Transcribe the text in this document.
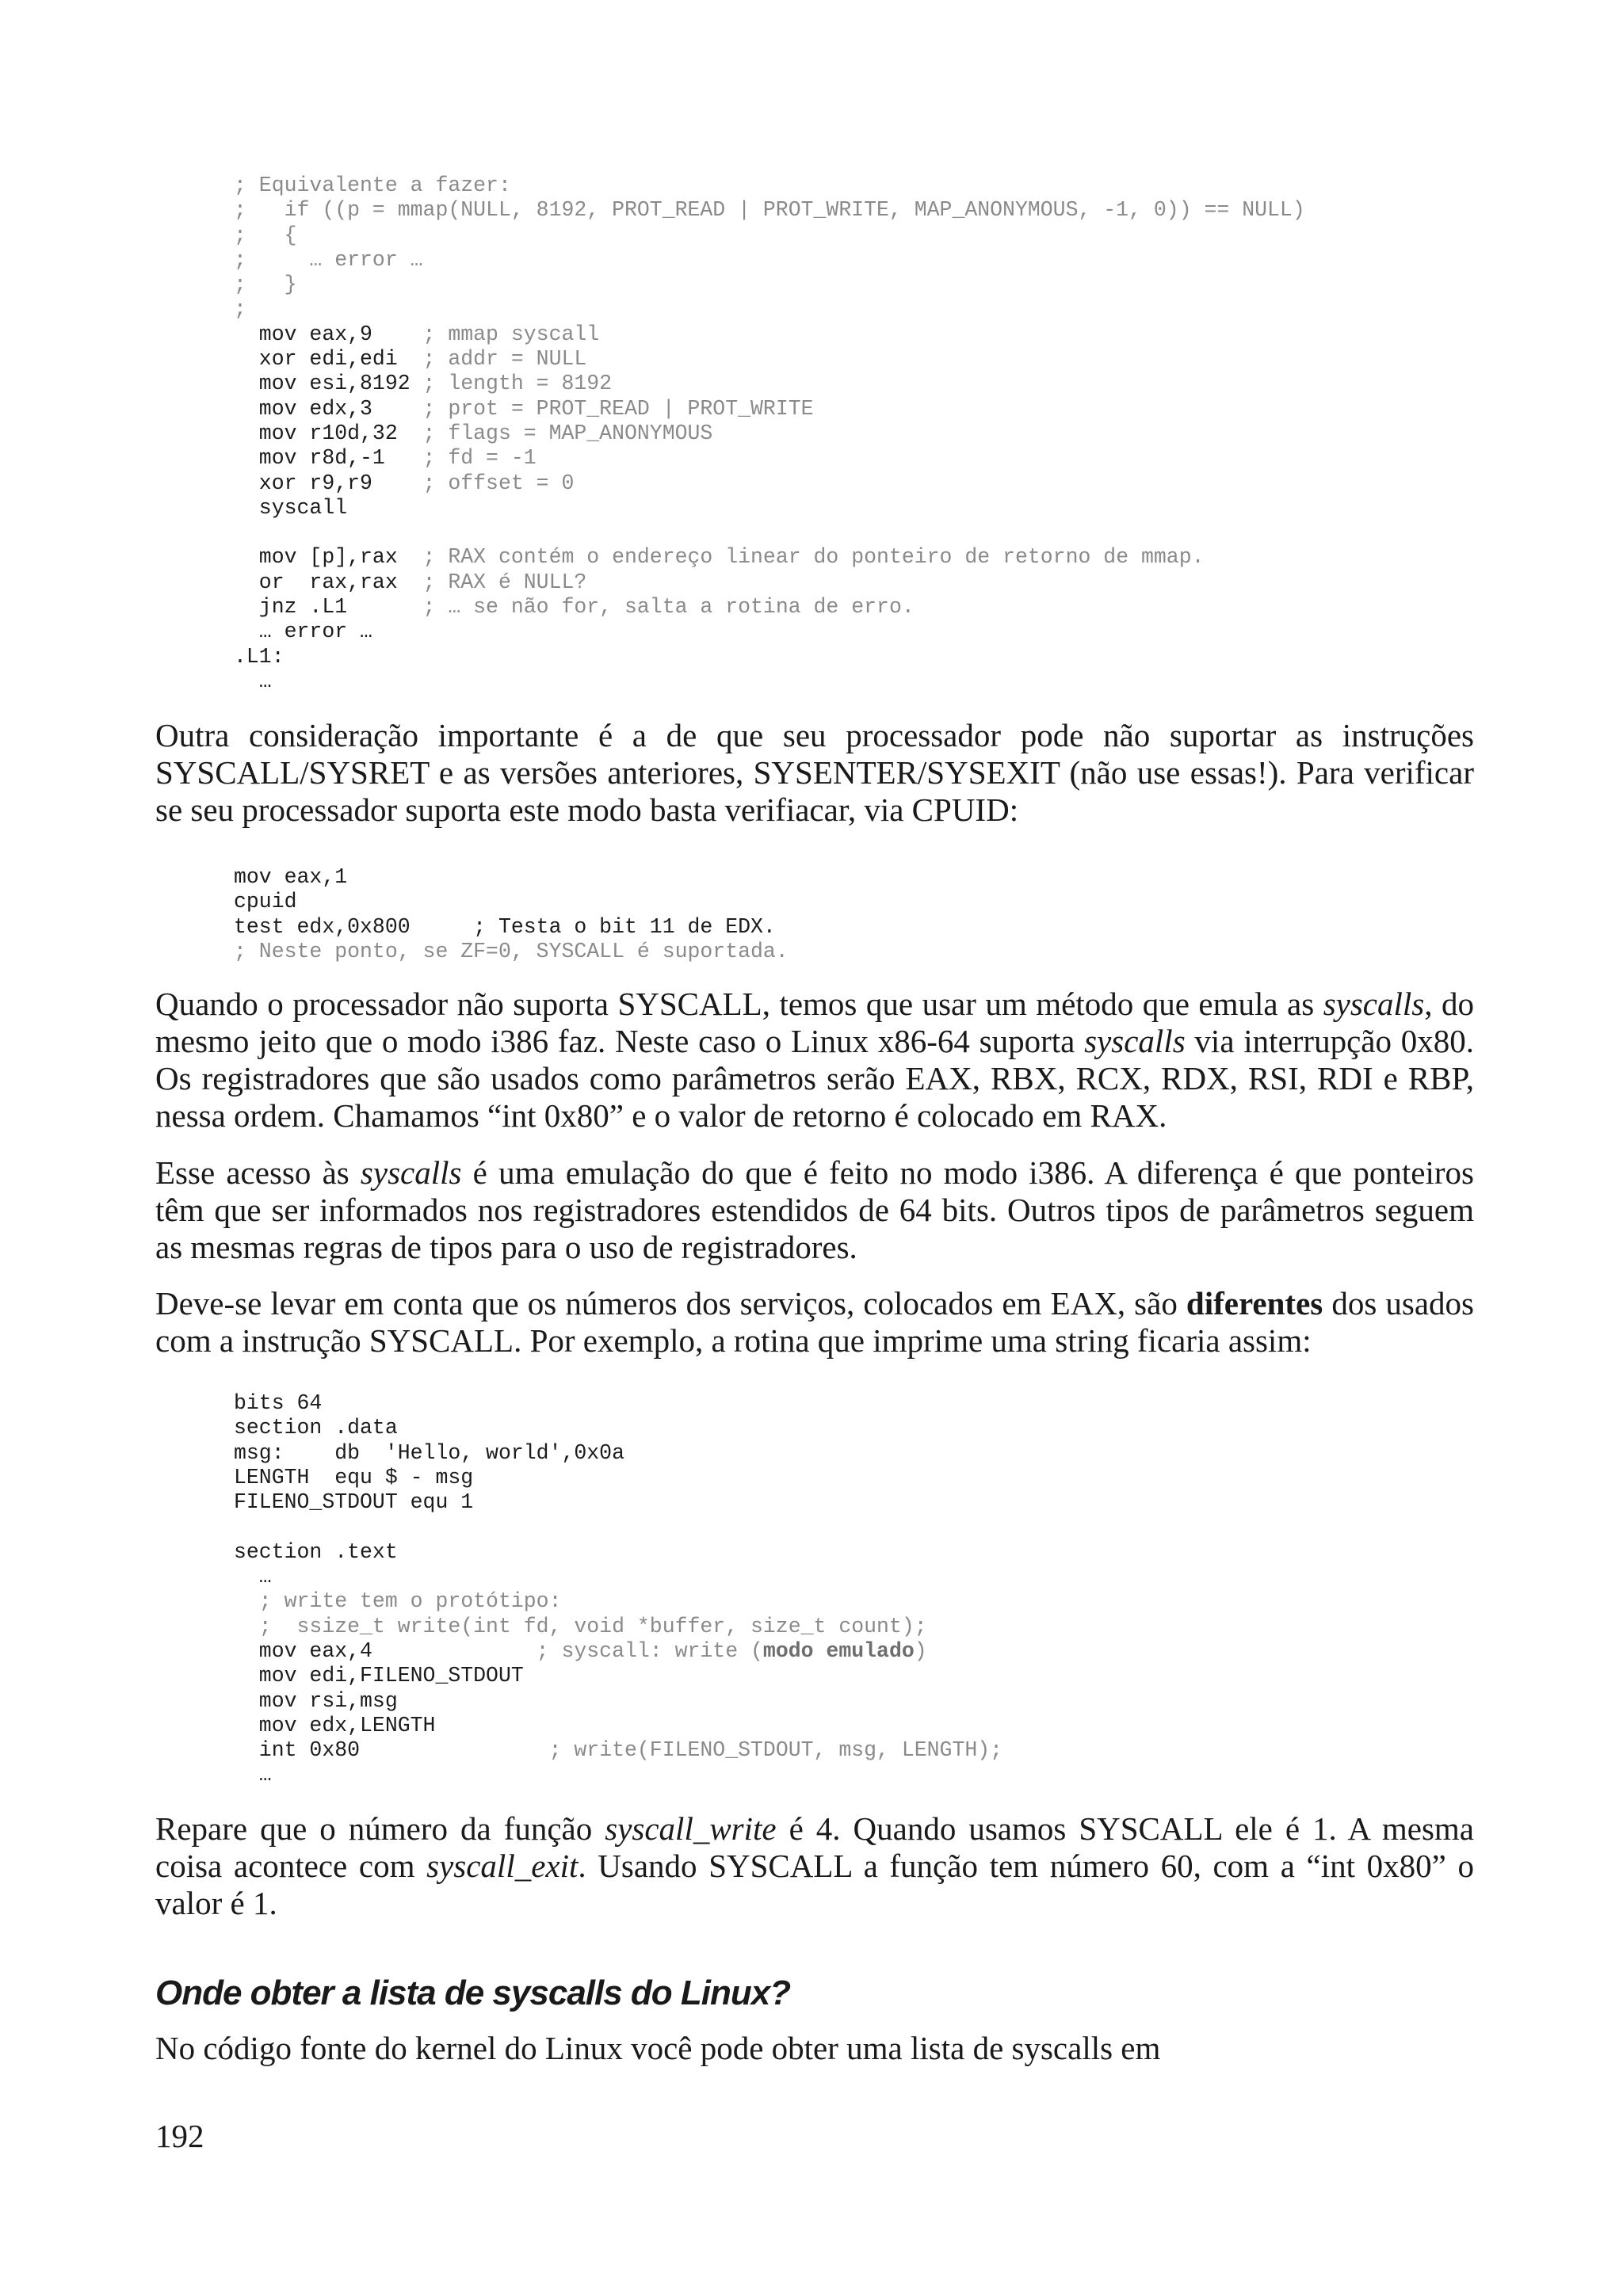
; Equivalente a fazer:
;   if ((p = mmap(NULL, 8192, PROT_READ | PROT_WRITE, MAP_ANONYMOUS, -1, 0)) == NULL)
;   {
;     … error …
;   }
;
mov eax,9    ; mmap syscall
xor edi,edi  ; addr = NULL
mov esi,8192 ; length = 8192
mov edx,3    ; prot = PROT_READ | PROT_WRITE
mov r10d,32  ; flags = MAP_ANONYMOUS
mov r8d,-1   ; fd = -1
xor r9,r9    ; offset = 0
syscall
mov [p],rax  ; RAX contém o endereço linear do ponteiro de retorno de mmap.
or  rax,rax  ; RAX é NULL?
jnz .L1      ; … se não for, salta a rotina de erro.
… error …
.L1:
…

Outra consideração importante é a de que seu processador pode não suportar as instruções SYSCALL/SYSRET e as versões anteriores, SYSENTER/SYSEXIT (não use essas!). Para verificar se seu processador suporta este modo basta verifiacar, via CPUID:

mov eax,1
cpuid
test edx,0x800     ; Testa o bit 11 de EDX.
; Neste ponto, se ZF=0, SYSCALL é suportada.

Quando o processador não suporta SYSCALL, temos que usar um método que emula as syscalls, do mesmo jeito que o modo i386 faz. Neste caso o Linux x86-64 suporta syscalls via interrupção 0x80. Os registradores que são usados como parâmetros serão EAX, RBX, RCX, RDX, RSI, RDI e RBP, nessa ordem. Chamamos “int 0x80” e o valor de retorno é colocado em RAX.

Esse acesso às syscalls é uma emulação do que é feito no modo i386. A diferença é que ponteiros têm que ser informados nos registradores estendidos de 64 bits. Outros tipos de parâmetros seguem as mesmas regras de tipos para o uso de registradores.

Deve-se levar em conta que os números dos serviços, colocados em EAX, são diferentes dos usados com a instrução SYSCALL. Por exemplo, a rotina que imprime uma string ficaria assim:

bits 64
section .data
msg:    db  'Hello, world',0x0a
LENGTH  equ $ - msg
FILENO_STDOUT equ 1
section .text
…
; write tem o protótipo:
;  ssize_t write(int fd, void *buffer, size_t count);
mov eax,4             ; syscall: write (modo emulado)
mov edi,FILENO_STDOUT
mov rsi,msg
mov edx,LENGTH
int 0x80               ; write(FILENO_STDOUT, msg, LENGTH);
…

Repare que o número da função syscall_write é 4. Quando usamos SYSCALL ele é 1. A mesma coisa acontece com syscall_exit. Usando SYSCALL a função tem número 60, com a “int 0x80” o valor é 1.

Onde obter a lista de syscalls do Linux?

No código fonte do kernel do Linux você pode obter uma lista de syscalls em

192
